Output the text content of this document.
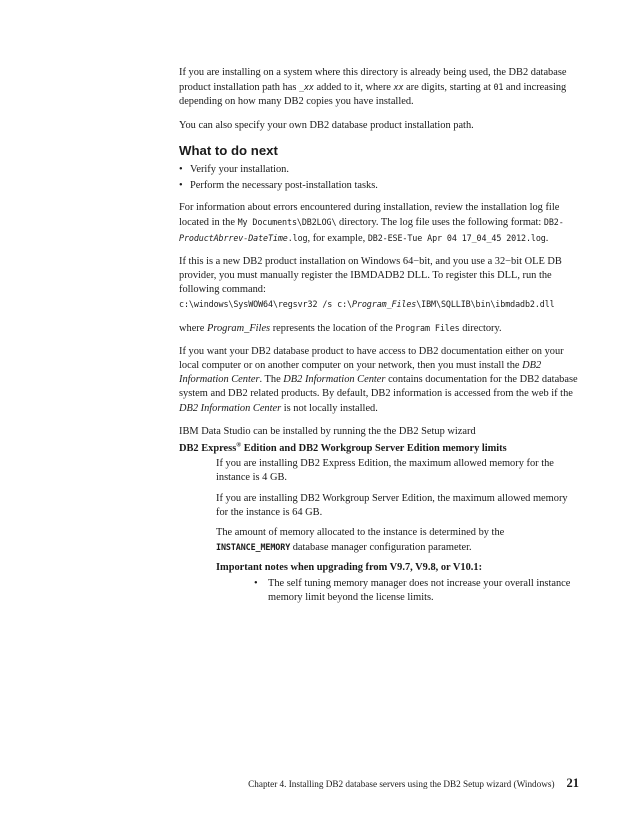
If you are installing on a system where this directory is already being used, the DB2 database product installation path has _xx added to it, where xx are digits, starting at 01 and increasing depending on how many DB2 copies you have installed.

You can also specify your own DB2 database product installation path.

What to do next
• Verify your installation.
• Perform the necessary post-installation tasks.

For information about errors encountered during installation, review the installation log file located in the My Documents\DB2LOG\ directory. The log file uses the following format: DB2-ProductAbrrev-DateTime.log, for example, DB2-ESE-Tue Apr 04 17_04_45 2012.log.

If this is a new DB2 product installation on Windows 64−bit, and you use a 32−bit OLE DB provider, you must manually register the IBMDADB2 DLL. To register this DLL, run the following command:

c:\windows\SysWOW64\regsvr32 /s c:\Program_Files\IBM\SQLLIB\bin\ibmdadb2.dll

where Program_Files represents the location of the Program Files directory.

If you want your DB2 database product to have access to DB2 documentation either on your local computer or on another computer on your network, then you must install the DB2 Information Center. The DB2 Information Center contains documentation for the DB2 database system and DB2 related products. By default, DB2 information is accessed from the web if the DB2 Information Center is not locally installed.

IBM Data Studio can be installed by running the the DB2 Setup wizard

DB2 Express® Edition and DB2 Workgroup Server Edition memory limits

If you are installing DB2 Express Edition, the maximum allowed memory for the instance is 4 GB.

If you are installing DB2 Workgroup Server Edition, the maximum allowed memory for the instance is 64 GB.

The amount of memory allocated to the instance is determined by the INSTANCE_MEMORY database manager configuration parameter.

Important notes when upgrading from V9.7, V9.8, or V10.1:
• The self tuning memory manager does not increase your overall instance memory limit beyond the license limits.
Chapter 4. Installing DB2 database servers using the DB2 Setup wizard (Windows) 21
